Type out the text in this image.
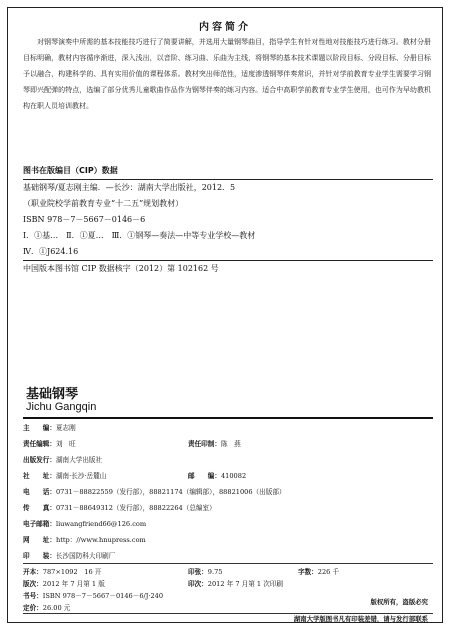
内容简介
对钢琴演奏中所需的基本技能技巧进行了简要讲解，并选用大量钢琴曲目，指导学生有针对性地对技能技巧进行练习。教材分册目标明确，教材内容循序渐进，深入浅出，以音阶、练习曲、乐曲为主线，将钢琴的基本技术课题以阶段目标、分段目标、分册目标予以融合，构建科学的、具有实用价值的课程体系。教材突出师范性，适度渗透钢琴伴奏常识，并针对学前教育专业学生需要学习钢琴即兴配弹的特点，选编了部分优秀儿童歌曲作品作为钢琴伴奏的练习内容。适合中高职学前教育专业学生使用，也可作为早幼教机构在职人员培训教材。
图书在版编目（CIP）数据
基础钢琴/夏志刚主编．—长沙：湖南大学出版社，2012．5
（职业院校学前教育专业“十二五”规划教材）
ISBN 978－7－5667－0146－6
Ⅰ．①基…　Ⅱ．①夏…　Ⅲ．①钢琴—奏法—中等专业学校—教材
Ⅳ．①J624.16
中国版本图书馆 CIP 数据核字（2012）第 102162 号
基础钢琴
Jichu Gangqin
主　　编：夏志刚
责任编辑：刘　旺	责任印制：陈　燕
出版发行：湖南大学出版社
社　　址：湖南·长沙·岳麓山	邮　　编：410082
电　　话：0731－88822559（发行部），88821174（编辑部），88821006（出版部）
传　　真：0731－88649312（发行部），88822264（总编室）
电子邮箱：liuwangfriend66@126.com
网　　址：http：//www.hnupress.com
印　　装：长沙国防科大印刷厂
开本：787×1092　16 开	印张：9.75	字数：226 千
版次：2012 年 7 月第 1 版	印次：2012 年 7 月第 1 次印刷
书号：ISBN 978－7－5667－0146－6/J·240
定价：26.00 元
版权所有，盗版必究
湖南大学版图书凡有印装差错，请与发行部联系
